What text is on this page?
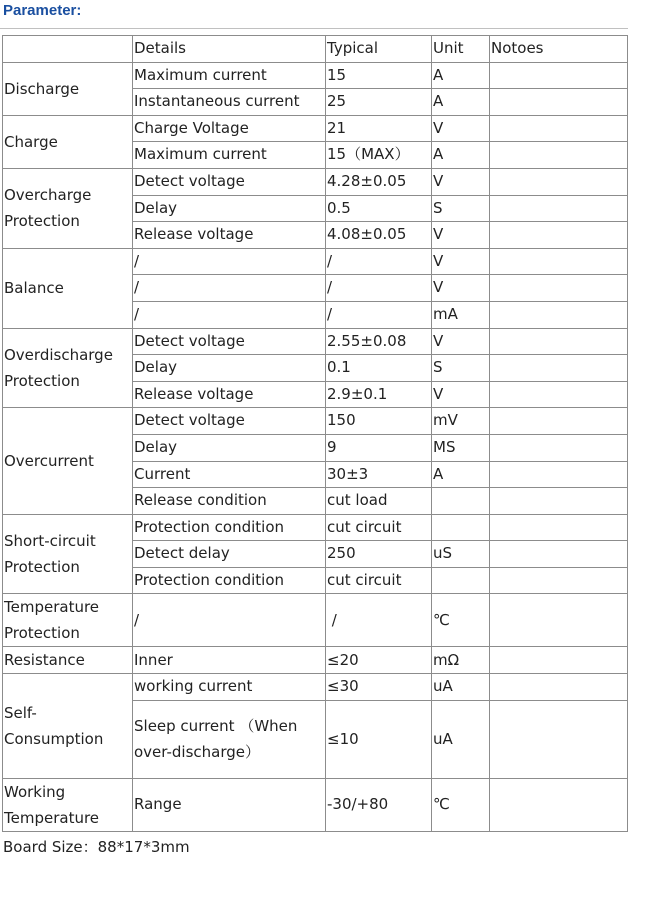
Parameter:
	Details	Typical	Unit	Notoes
Discharge	Maximum current	15	A	
	Instantaneous current	25	A	
Charge	Charge Voltage	21	V	
	Maximum current	15（MAX）	A	
Overcharge Protection	Detect voltage	4.28±0.05	V	
	Delay	0.5	S	
	Release voltage	4.08±0.05	V	
Balance	/	/	V	
	/	/	V	
	/	/	mA	
Overdischarge Protection	Detect voltage	2.55±0.08	V	
	Delay	0.1	S	
	Release voltage	2.9±0.1	V	
Overcurrent	Detect voltage	150	mV	
	Delay	9	MS	
	Current	30±3	A	
	Release condition	cut load		
Short-circuit Protection	Protection condition	cut circuit		
	Detect delay	250	uS	
	Protection condition	cut circuit		
Temperature Protection	/	/	℃	
Resistance	Inner	≤20	mΩ	
Self-Consumption	working current	≤30	uA	
	Sleep current （When over-discharge）	≤10	uA	
Working Temperature	Range	-30/+80	℃	
Board Size：88*17*3mm
